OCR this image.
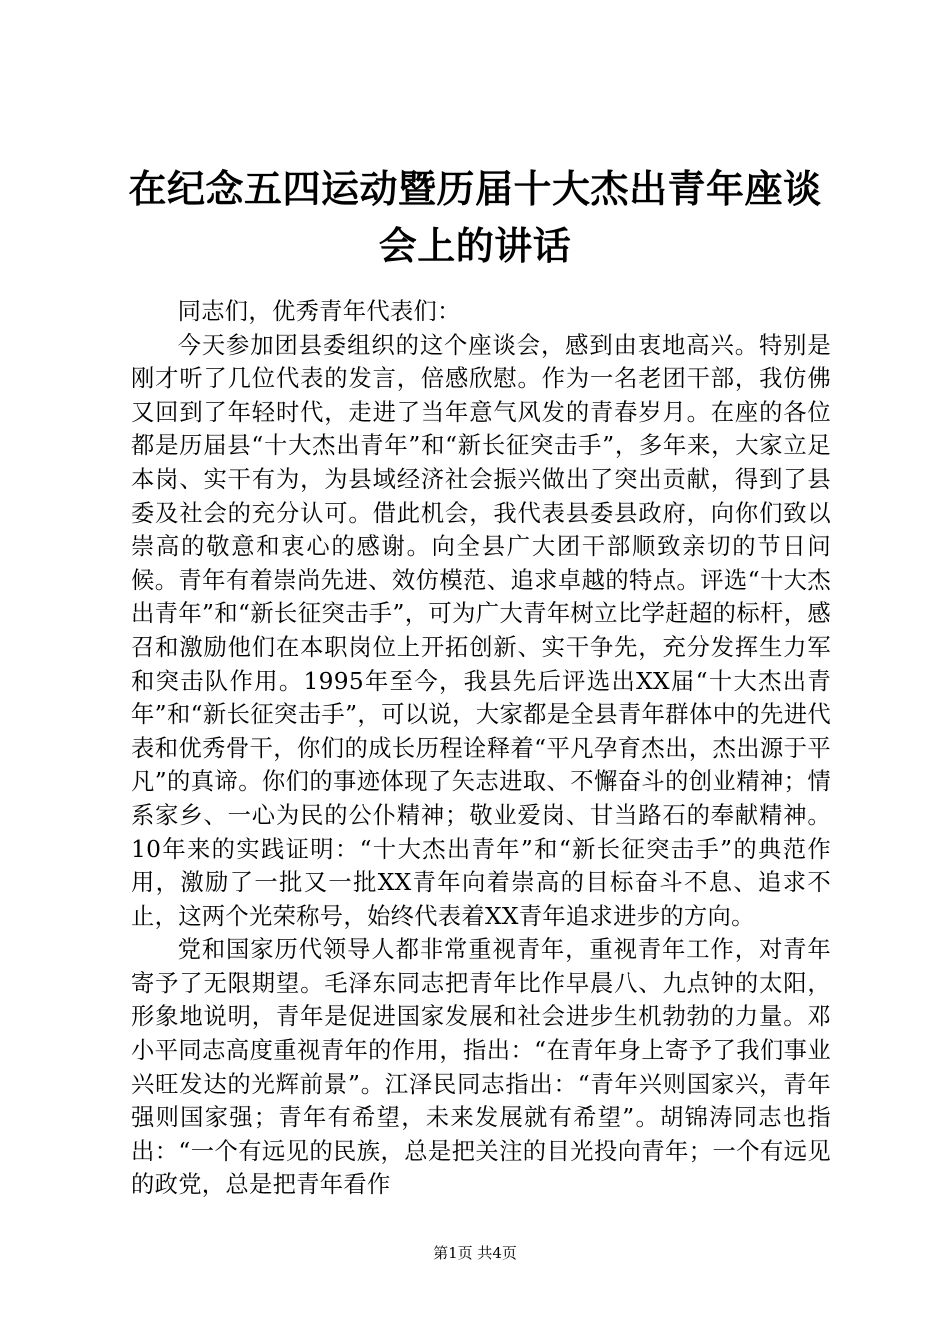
在纪念五四运动暨历届十大杰出青年座谈会上的讲话

同志们，优秀青年代表们：

今天参加团县委组织的这个座谈会，感到由衷地高兴。特别是刚才听了几位代表的发言，倍感欣慰。作为一名老团干部，我仿佛又回到了年轻时代，走进了当年意气风发的青春岁月。在座的各位都是历届县“十大杰出青年”和“新长征突击手”，多年来，大家立足本岗、实干有为，为县域经济社会振兴做出了突出贡献，得到了县委及社会的充分认可。借此机会，我代表县委县政府，向你们致以崇高的敬意和衷心的感谢。向全县广大团干部顺致亲切的节日问候。青年有着崇尚先进、效仿模范、追求卓越的特点。评选“十大杰出青年”和“新长征突击手”，可为广大青年树立比学赶超的标杆，感召和激励他们在本职岗位上开拓创新、实干争先，充分发挥生力军和突击队作用。1995年至今，我县先后评选出XX届“十大杰出青年”和“新长征突击手”，可以说，大家都是全县青年群体中的先进代表和优秀骨干，你们的成长历程诠释着“平凡孕育杰出，杰出源于平凡”的真谛。你们的事迹体现了矢志进取、不懈奋斗的创业精神；情系家乡、一心为民的公仆精神；敬业爱岗、甘当路石的奉献精神。10年来的实践证明：“十大杰出青年”和“新长征突击手”的典范作用，激励了一批又一批XX青年向着崇高的目标奋斗不息、追求不止，这两个光荣称号，始终代表着XX青年追求进步的方向。

党和国家历代领导人都非常重视青年，重视青年工作，对青年寄予了无限期望。毛泽东同志把青年比作早晨八、九点钟的太阳，形象地说明，青年是促进国家发展和社会进步生机勃勃的力量。邓小平同志高度重视青年的作用，指出：“在青年身上寄予了我们事业兴旺发达的光辉前景”。江泽民同志指出：“青年兴则国家兴，青年强则国家强；青年有希望，未来发展就有希望”。胡锦涛同志也指出：“一个有远见的民族，总是把关注的目光投向青年；一个有远见的政党，总是把青年看作

第1页 共4页
